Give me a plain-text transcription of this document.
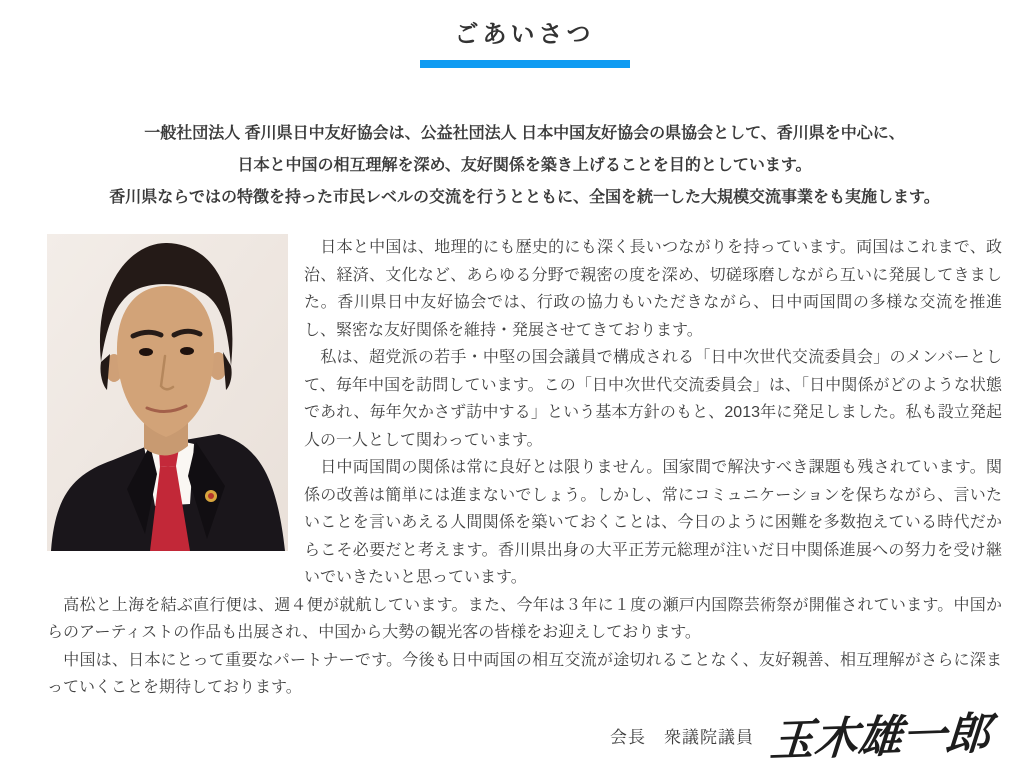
ごあいさつ
一般社団法人 香川県日中友好協会は、公益社団法人 日本中国友好協会の県協会として、香川県を中心に、
日本と中国の相互理解を深め、友好関係を築き上げることを目的としています。
香川県ならではの特徴を持った市民レベルの交流を行うとともに、全国を統一した大規模交流事業をも実施します。

　日本と中国は、地理的にも歴史的にも深く長いつながりを持っています。両国はこれまで、政治、経済、文化など、あらゆる分野で親密の度を深め、切磋琢磨しながら互いに発展してきました。香川県日中友好協会では、行政の協力もいただきながら、日中両国間の多様な交流を推進し、緊密な友好関係を維持・発展させてきております。

　私は、超党派の若手・中堅の国会議員で構成される「日中次世代交流委員会」のメンバーとして、毎年中国を訪問しています。この「日中次世代交流委員会」は、「日中関係がどのような状態であれ、毎年欠かさず訪中する」という基本方針のもと、2013年に発足しました。私も設立発起人の一人として関わっています。

　日中両国間の関係は常に良好とは限りません。国家間で解決すべき課題も残されています。関係の改善は簡単には進まないでしょう。しかし、常にコミュニケーションを保ちながら、言いたいことを言いあえる人間関係を築いておくことは、今日のように困難を多数抱えている時代だからこそ必要だと考えます。香川県出身の大平正芳元総理が注いだ日中関係進展への努力を受け継いでいきたいと思っています。

　高松と上海を結ぶ直行便は、週４便が就航しています。また、今年は３年に１度の瀬戸内国際芸術祭が開催されています。中国からのアーティストの作品も出展され、中国から大勢の観光客の皆様をお迎えしております。

　中国は、日本にとって重要なパートナーです。今後も日中両国の相互交流が途切れることなく、友好親善、相互理解がさらに深まっていくことを期待しております。

会長　衆議院議員 玉木雄一郎
